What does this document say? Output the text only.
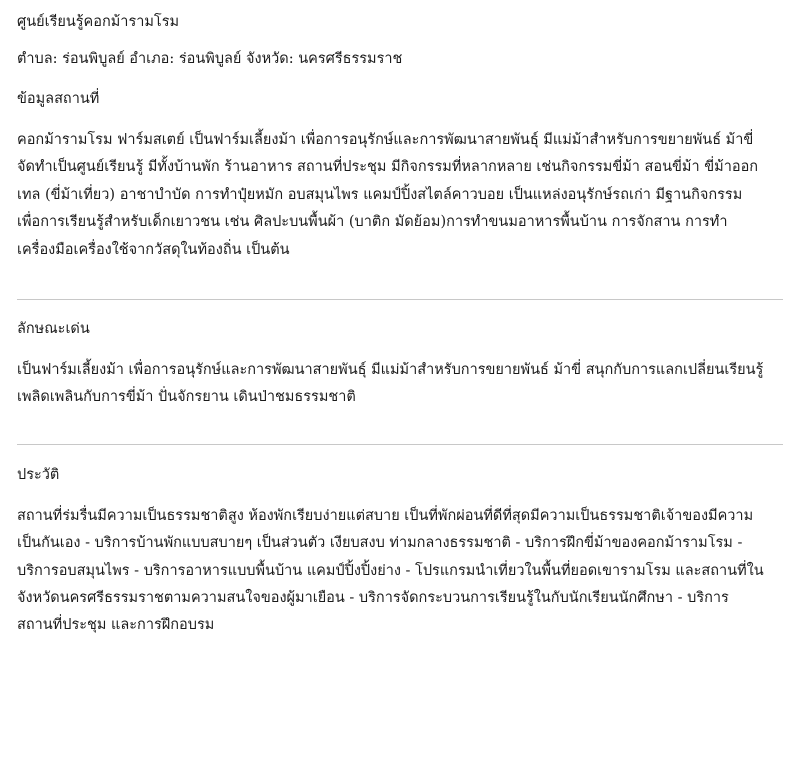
ศูนย์เรียนรู้คอกม้าราม​โรม

ตำบล: ร่อนพิบูลย์ อำเภอ: ร่อนพิบูลย์ จังหวัด: นครศรีธรรมราช

ข้อมูลสถานที่

คอกม้าราม​โรม ฟาร์มสเตย์ เป็นฟาร์มเลี้ยงม้า เพื่อการอนุรักษ์และการพัฒนาสายพันธุ์ มีแม่ม้าสำหรับการขยายพันธ์ ม้าขี่
จัดทำเป็นศูนย์เรียนรู้ มีทั้งบ้านพัก ร้านอาหาร สถานที่ประชุม มีกิจกรรมที่หลากหลาย เช่นกิจกรรมขี่ม้า สอนขี่ม้า ขี่ม้าออก
เทล (ขี่ม้าเที่ยว) อาชาบำบัด การทำปุ๋ยหมัก อบสมุนไพร แคมป์ปิ้งสไตล์คาวบอย เป็นแหล่งอนุรักษ์รถเก่า มีฐานกิจกรรม
เพื่อการเรียนรู้สำหรับเด็กเยาวชน เช่น ศิลปะบนพื้นผ้า (บาติก มัดย้อม)การทำขนมอาหารพื้นบ้าน การจักสาน การทำ
เครื่องมือเครื่องใช้จากวัสดุในท้องถิ่น เป็นต้น

ลักษณะเด่น

เป็นฟาร์มเลี้ยงม้า เพื่อการอนุรักษ์และการพัฒนาสายพันธุ์ มีแม่ม้าสำหรับการขยายพันธ์ ม้าขี่ สนุกกับการแลกเปลี่ยนเรียนรู้
เพลิดเพลินกับการขี่ม้า ปั่นจักรยาน เดินป่าชมธรรมชาติ

ประวัติ

สถานที่ร่มรื่นมีความเป็นธรรมชาติสูง ห้องพักเรียบง่ายแต่สบาย เป็นที่พักผ่อนที่ดีที่สุดมีความเป็นธรรมชาติเจ้าของมีความ
เป็นกันเอง - บริการบ้านพักแบบสบายๆ เป็นส่วนตัว เงียบสงบ ท่ามกลางธรรมชาติ - บริการฝึกขี่ม้าของคอกม้าราม​โรม -
บริการอบสมุนไพร - บริการอาหารแบบพื้นบ้าน แคมป์ปิ้งปิ้งย่าง - โปรแกรมนำเที่ยวในพื้นที่ยอดเขาราม​โรม และสถานที่ใน
จังหวัดนครศรีธรรมราชตามความสนใจของผู้มาเยือน - บริการจัดกระบวนการเรียนรู้ในกับนักเรียนนักศึกษา - บริการ
สถานที่ประชุม และการฝึกอบรม
